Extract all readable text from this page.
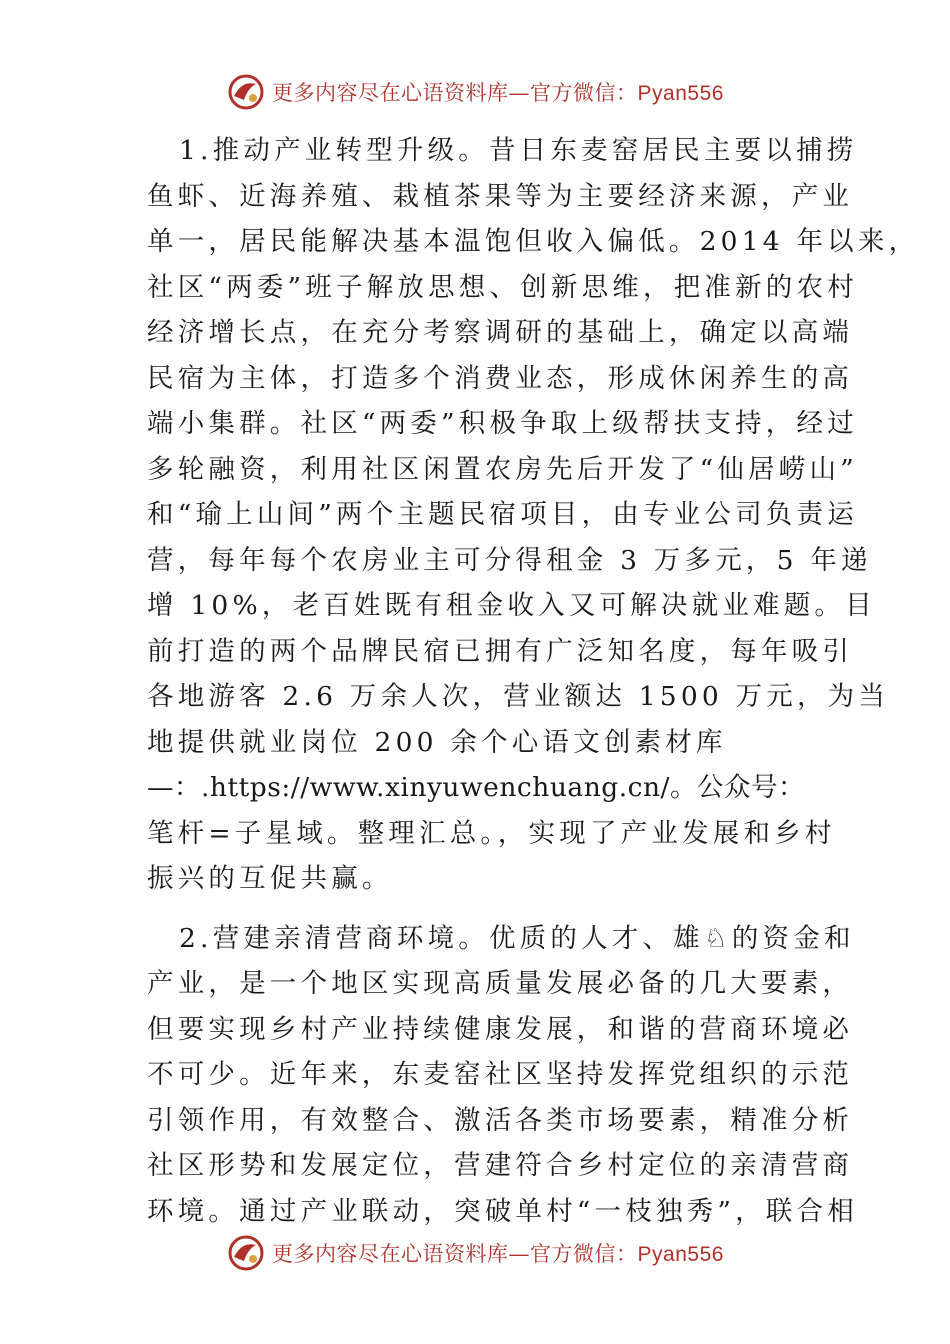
更多内容尽在心语资料库—官方微信：Pyan556
1.推动产业转型升级。昔日东麦窑居民主要以捕捞
鱼虾、近海养殖、栽植茶果等为主要经济来源，产业
单一，居民能解决基本温饱但收入偏低。2014 年以来，
社区“两委”班子解放思想、创新思维，把准新的农村
经济增长点，在充分考察调研的基础上，确定以高端
民宿为主体，打造多个消费业态，形成休闲养生的高
端小集群。社区“两委”积极争取上级帮扶支持，经过
多轮融资，利用社区闲置农房先后开发了“仙居崂山”
和“瑜上山间”两个主题民宿项目，由专业公司负责运
营，每年每个农房业主可分得租金 3 万多元，5 年递
增 10%，老百姓既有租金收入又可解决就业难题。目
前打造的两个品牌民宿已拥有广泛知名度，每年吸引
各地游客 2.6 万余人次，营业额达 1500 万元，为当
地提供就业岗位 200 余个心语文创素材库
—：.https://www.xinyuwenchuang.cn/。公众号：
笔杆=子星域。整理汇总。，实现了产业发展和乡村
振兴的互促共赢。
2.营建亲清营商环境。优质的人才、雄♘的资金和
产业，是一个地区实现高质量发展必备的几大要素，
但要实现乡村产业持续健康发展，和谐的营商环境必
不可少。近年来，东麦窑社区坚持发挥党组织的示范
引领作用，有效整合、激活各类市场要素，精准分析
社区形势和发展定位，营建符合乡村定位的亲清营商
环境。通过产业联动，突破单村“一枝独秀”，联合相
更多内容尽在心语资料库—官方微信：Pyan556
